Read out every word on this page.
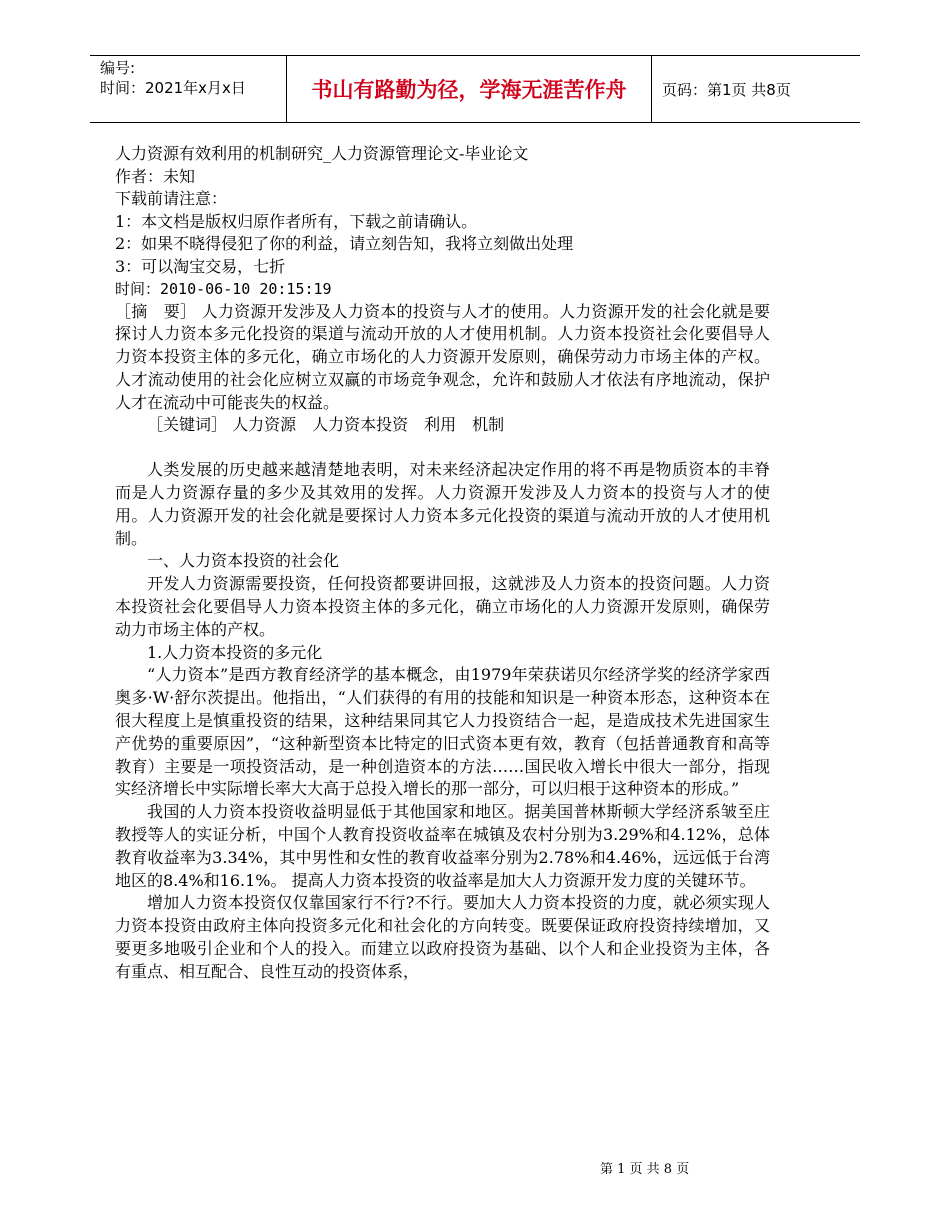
编号:
时间：2021年x月x日	书山有路勤为径，学海无涯苦作舟	页码：第1页 共8页
人力资源有效利用的机制研究_人力资源管理论文-毕业论文
作者：未知
下载前请注意：
1：本文档是版权归原作者所有，下载之前请确认。
2：如果不晓得侵犯了你的利益，请立刻告知，我将立刻做出处理
3：可以淘宝交易，七折
时间：2010-06-10 20:15:19

［摘　要］ 人力资源开发涉及人力资本的投资与人才的使用。人力资源开发的社会化就是要探讨人力资本多元化投资的渠道与流动开放的人才使用机制。人力资本投资社会化要倡导人力资本投资主体的多元化，确立市场化的人力资源开发原则，确保劳动力市场主体的产权。人才流动使用的社会化应树立双赢的市场竞争观念，允许和鼓励人才依法有序地流动，保护人才在流动中可能丧失的权益。

［关键词］ 人力资源　人力资本投资　利用　机制

人类发展的历史越来越清楚地表明，对未来经济起决定作用的将不再是物质资本的丰脊而是人力资源存量的多少及其效用的发挥。人力资源开发涉及人力资本的投资与人才的使用。人力资源开发的社会化就是要探讨人力资本多元化投资的渠道与流动开放的人才使用机制。

一、人力资本投资的社会化

开发人力资源需要投资，任何投资都要讲回报，这就涉及人力资本的投资问题。人力资本投资社会化要倡导人力资本投资主体的多元化，确立市场化的人力资源开发原则，确保劳动力市场主体的产权。

1.人力资本投资的多元化

“人力资本”是西方教育经济学的基本概念，由1979年荣获诺贝尔经济学奖的经济学家西奥多·W·舒尔茨提出。他指出，“人们获得的有用的技能和知识是一种资本形态，这种资本在很大程度上是慎重投资的结果，这种结果同其它人力投资结合一起，是造成技术先进国家生产优势的重要原因”，“这种新型资本比特定的旧式资本更有效，教育（包括普通教育和高等教育）主要是一项投资活动，是一种创造资本的方法……国民收入增长中很大一部分，指现实经济增长中实际增长率大大高于总投入增长的那一部分，可以归根于这种资本的形成。”

我国的人力资本投资收益明显低于其他国家和地区。据美国普林斯顿大学经济系皱至庄教授等人的实证分析，中国个人教育投资收益率在城镇及农村分别为3.29%和4.12%，总体教育收益率为3.34%，其中男性和女性的教育收益率分别为2.78%和4.46%，远远低于台湾地区的8.4%和16.1%。 提高人力资本投资的收益率是加大人力资源开发力度的关键环节。

增加人力资本投资仅仅靠国家行不行?不行。要加大人力资本投资的力度，就必须实现人力资本投资由政府主体向投资多元化和社会化的方向转变。既要保证政府投资持续增加，又要更多地吸引企业和个人的投入。而建立以政府投资为基础、以个人和企业投资为主体，各有重点、相互配合、良性互动的投资体系，

第 1 页 共 8 页
